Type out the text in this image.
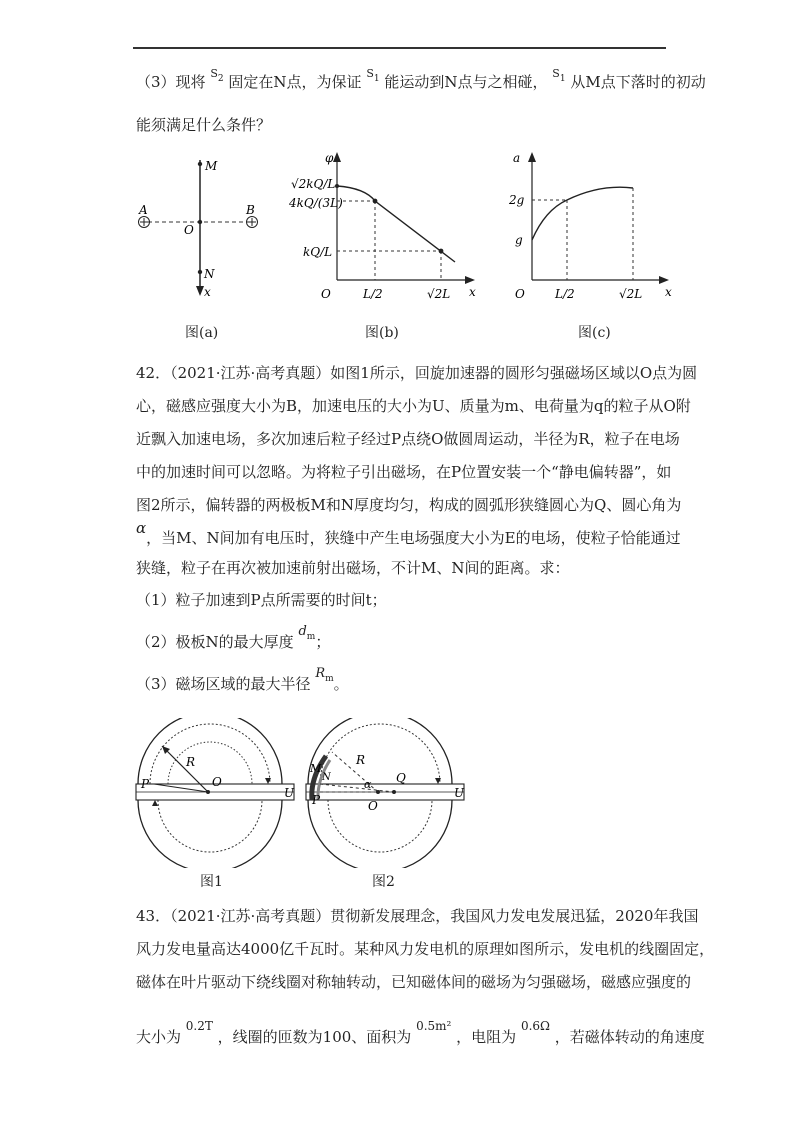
（3）现将 $^{S2}$ 固定在N点，为保证 $^{S1}$ 能运动到N点与之相碰， $^{S1}$ 从M点下落时的初动
能须满足什么条件？
M
O
A	B
N
x
图(a)
φ
√2kQ/L
4kQ/(3L)
kQ/L
O	L/2	√2L x
图(b)
a
2g
g
O	L/2	√2L x
图(c)
42．（2021·江苏·高考真题）如图1所示，回旋加速器的圆形匀强磁场区域以O点为圆
心，磁感应强度大小为B，加速电压的大小为U、质量为m、电荷量为q的粒子从O附
近飘入加速电场，多次加速后粒子经过P点绕O做圆周运动，半径为R，粒子在电场
中的加速时间可以忽略。为将粒子引出磁场，在P位置安装一个“静电偏转器”，如
图2所示，偏转器的两极板M和N厚度均匀，构成的圆弧形狭缝圆心为Q、圆心角为
α，当M、N间加有电压时，狭缝中产生电场强度大小为E的电场，使粒子恰能通过
狭缝，粒子在再次被加速前射出磁场，不计M、N间的距离。求：
（1）粒子加速到P点所需要的时间t；
（2）极板N的最大厚度 $d^m$；
（3）磁场区域的最大半径 $R^m$。
R
O
P
U
图1
M
N
R
Q
α
O
P	U
图2
43．（2021·江苏·高考真题）贯彻新发展理念，我国风力发电发展迅猛，2020年我国
风力发电量高达4000亿千瓦时。某种风力发电机的原理如图所示，发电机的线圈固定，
磁体在叶片驱动下绕线圈对称轴转动，已知磁体间的磁场为匀强磁场，磁感应强度的
大小为 $^{0.2T}$ ，线圈的匝数为100、面积为 $^{0.5m^2}$ ，电阻为 $^{0.6\Omega}$ ，若磁体转动的角速度
